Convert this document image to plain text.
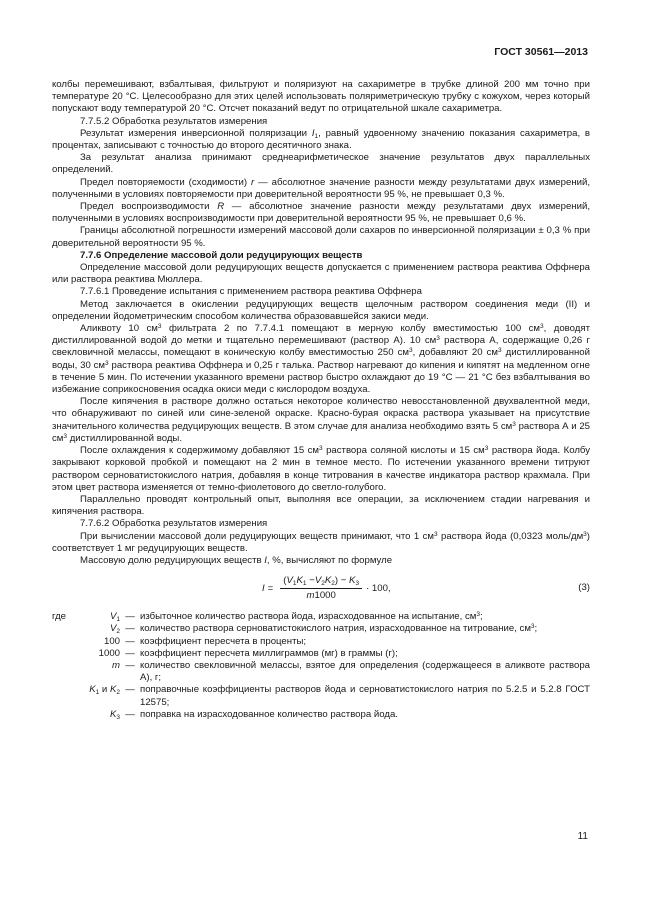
ГОСТ 30561—2013

колбы перемешивают, взбалтывая, фильтруют и поляризуют на сахариметре в трубке длиной 200 мм точно при температуре 20 °С. Целесообразно для этих целей использовать поляриметрическую трубку с кожухом, через который попускают воду температурой 20 °С. Отсчет показаний ведут по отрицательной шкале сахариметра.

7.7.5.2 Обработка результатов измерения

Результат измерения инверсионной поляризации $I_1$, равный удвоенному значению показания сахариметра, в процентах, записывают с точностью до второго десятичного знака.

За результат анализа принимают среднеарифметическое значение результатов двух параллельных определений.

Предел повторяемости (сходимости) r — абсолютное значение разности между результатами двух измерений, полученными в условиях повторяемости при доверительной вероятности 95 %, не превышает 0,3 %.

Предел воспроизводимости R — абсолютное значение разности между результатами двух измерений, полученными в условиях воспроизводимости при доверительной вероятности 95 %, не превышает 0,6 %.

Границы абсолютной погрешности измерений массовой доли сахаров по инверсионной поляризации ± 0,3 % при доверительной вероятности 95 %.

7.7.6 Определение массовой доли редуцирующих веществ

Определение массовой доли редуцирующих веществ допускается с применением раствора реактива Оффнера или раствора реактива Мюллера.

7.7.6.1 Проведение испытания с применением раствора реактива Оффнера

Метод заключается в окислении редуцирующих веществ щелочным раствором соединения меди (II) и определении йодометрическим способом количества образовавшейся закиси меди.

Аликвоту 10 $см^3$ фильтрата 2 по 7.7.4.1 помещают в мерную колбу вместимостью 100 $см^3$, доводят дистиллированной водой до метки и тщательно перемешивают (раствор А). 10 $см^3$ раствора А, содержащие 0,26 г свекловичной мелассы, помещают в коническую колбу вместимостью 250 $см^3$, добавляют 20 $см^3$ дистиллированной воды, 30 $см^3$ раствора реактива Оффнера и 0,25 г талька. Раствор нагревают до кипения и кипятят на медленном огне в течение 5 мин. По истечении указанного времени раствор быстро охлаждают до 19 °С — 21 °С без взбалтывания во избежание соприкосновения осадка окиси меди с кислородом воздуха.

После кипячения в растворе должно остаться некоторое количество невосстановленной двухвалентной меди, что обнаруживают по синей или сине-зеленой окраске. Красно-бурая окраска раствора указывает на присутствие значительного количества редуцирующих веществ. В этом случае для анализа необходимо взять 5 $см^3$ раствора А и 25 $см^3$ дистиллированной воды.

После охлаждения к содержимому добавляют 15 $см^3$ раствора соляной кислоты и 15 $см^3$ раствора йода. Колбу закрывают корковой пробкой и помещают на 2 мин в темное место. По истечении указанного времени титруют раствором серноватистокислого натрия, добавляя в конце титрования в качестве индикатора раствор крахмала. При этом цвет раствора изменяется от темно-фиолетового до светло-голубого.

Параллельно проводят контрольный опыт, выполняя все операции, за исключением стадии нагревания и кипячения раствора.

7.7.6.2 Обработка результатов измерения

При вычислении массовой доли редуцирующих веществ принимают, что 1 $см^3$ раствора йода (0,0323 моль/$дм^3$) соответствует 1 мг редуцирующих веществ.

Массовую долю редуцирующих веществ I, %, вычисляют по формуле

$I = \frac{(V_1K_1 -V_2K_2) - K_3}{m1000} \cdot 100$,	(3)
где	$V_1$ — избыточное количество раствора йода, израсходованное на испытание, $см^3$;
$V_2$ — количество раствора серноватистокислого натрия, израсходованное на титрование, $см^3$;
100 — коэффициент пересчета в проценты;
1000 — коэффициент пересчета миллиграммов (мг) в граммы (г);
m — количество свекловичной мелассы, взятое для определения (содержащееся в аликвоте раствора А), г;
$K_1$ и $K_2$ — поправочные коэффициенты растворов йода и серноватистокислого натрия по 5.2.5 и 5.2.8 ГОСТ 12575;
$K_3$ — поправка на израсходованное количество раствора йода.
11
